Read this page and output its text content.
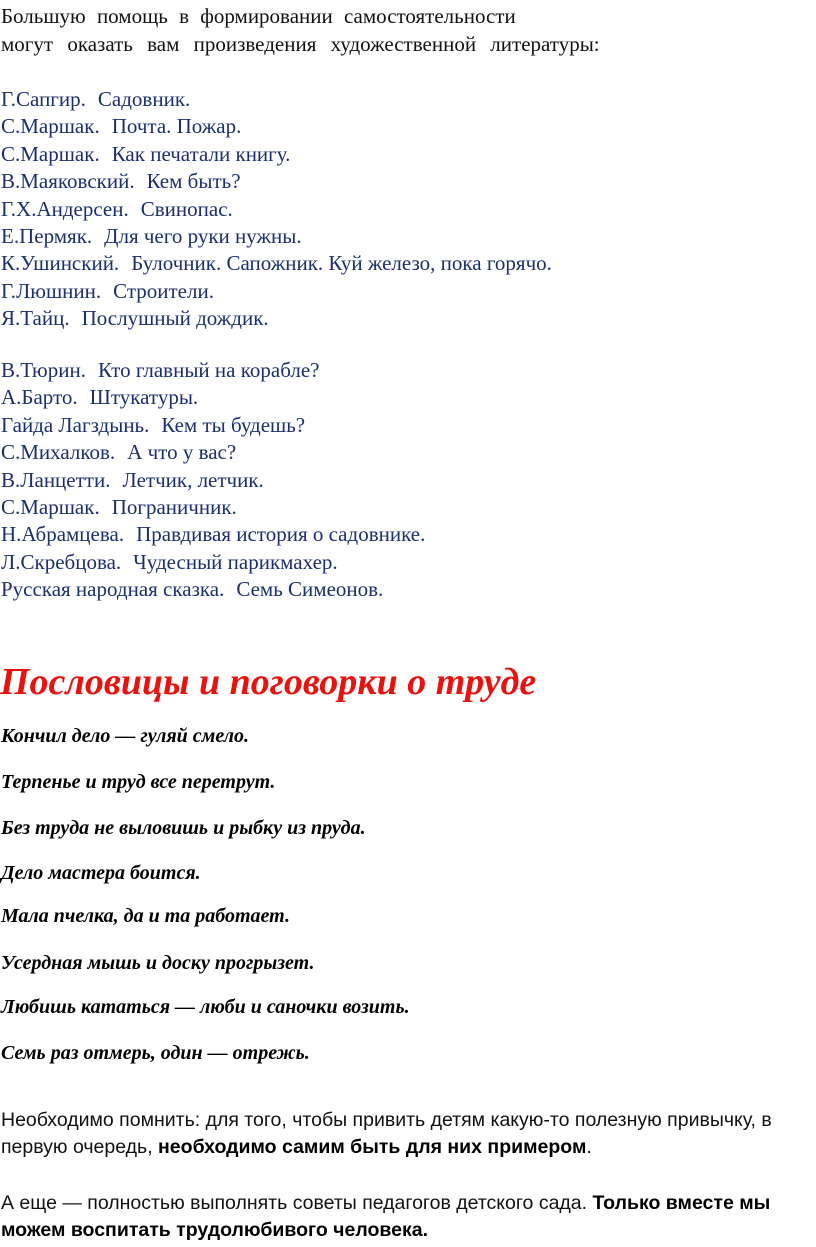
Большую помощь в формировании самостоятельности
могут оказать вам произведения художественной литературы:
Г.Сапгир. Садовник.
С.Маршак. Почта. Пожар.
С.Маршак. Как печатали книгу.
В.Маяковский. Кем быть?
Г.Х.Андерсен. Свинопас.
Е.Пермяк. Для чего руки нужны.
К.Ушинский. Булочник. Сапожник. Куй железо, пока горячо.
Г.Люшнин. Строители.
Я.Тайц. Послушный дождик.
В.Тюрин. Кто главный на корабле?
А.Барто. Штукатуры.
Гайда Лагздынь. Кем ты будешь?
С.Михалков. А что у вас?
В.Ланцетти. Летчик, летчик.
С.Маршак. Пограничник.
Н.Абрамцева. Правдивая история о садовнике.
Л.Скребцова. Чудесный парикмахер.
Русская народная сказка. Семь Симеонов.
Пословицы и поговорки о труде

Кончил дело — гуляй смело.

Терпенье и труд все перетрут.

Без труда не выловишь и рыбку из пруда.

Дело мастера боится.

Мала пчелка, да и та работает.

Усердная мышь и доску прогрызет.

Любишь кататься — люби и саночки возить.

Семь раз отмерь, один — отрежь.

Необходимо помнить: для того, чтобы привить детям какую-то полезную привычку, в первую очередь, необходимо самим быть для них примером.

А еще — полностью выполнять советы педагогов детского сада. Только вместе мы можем воспитать трудолюбивого человека.
